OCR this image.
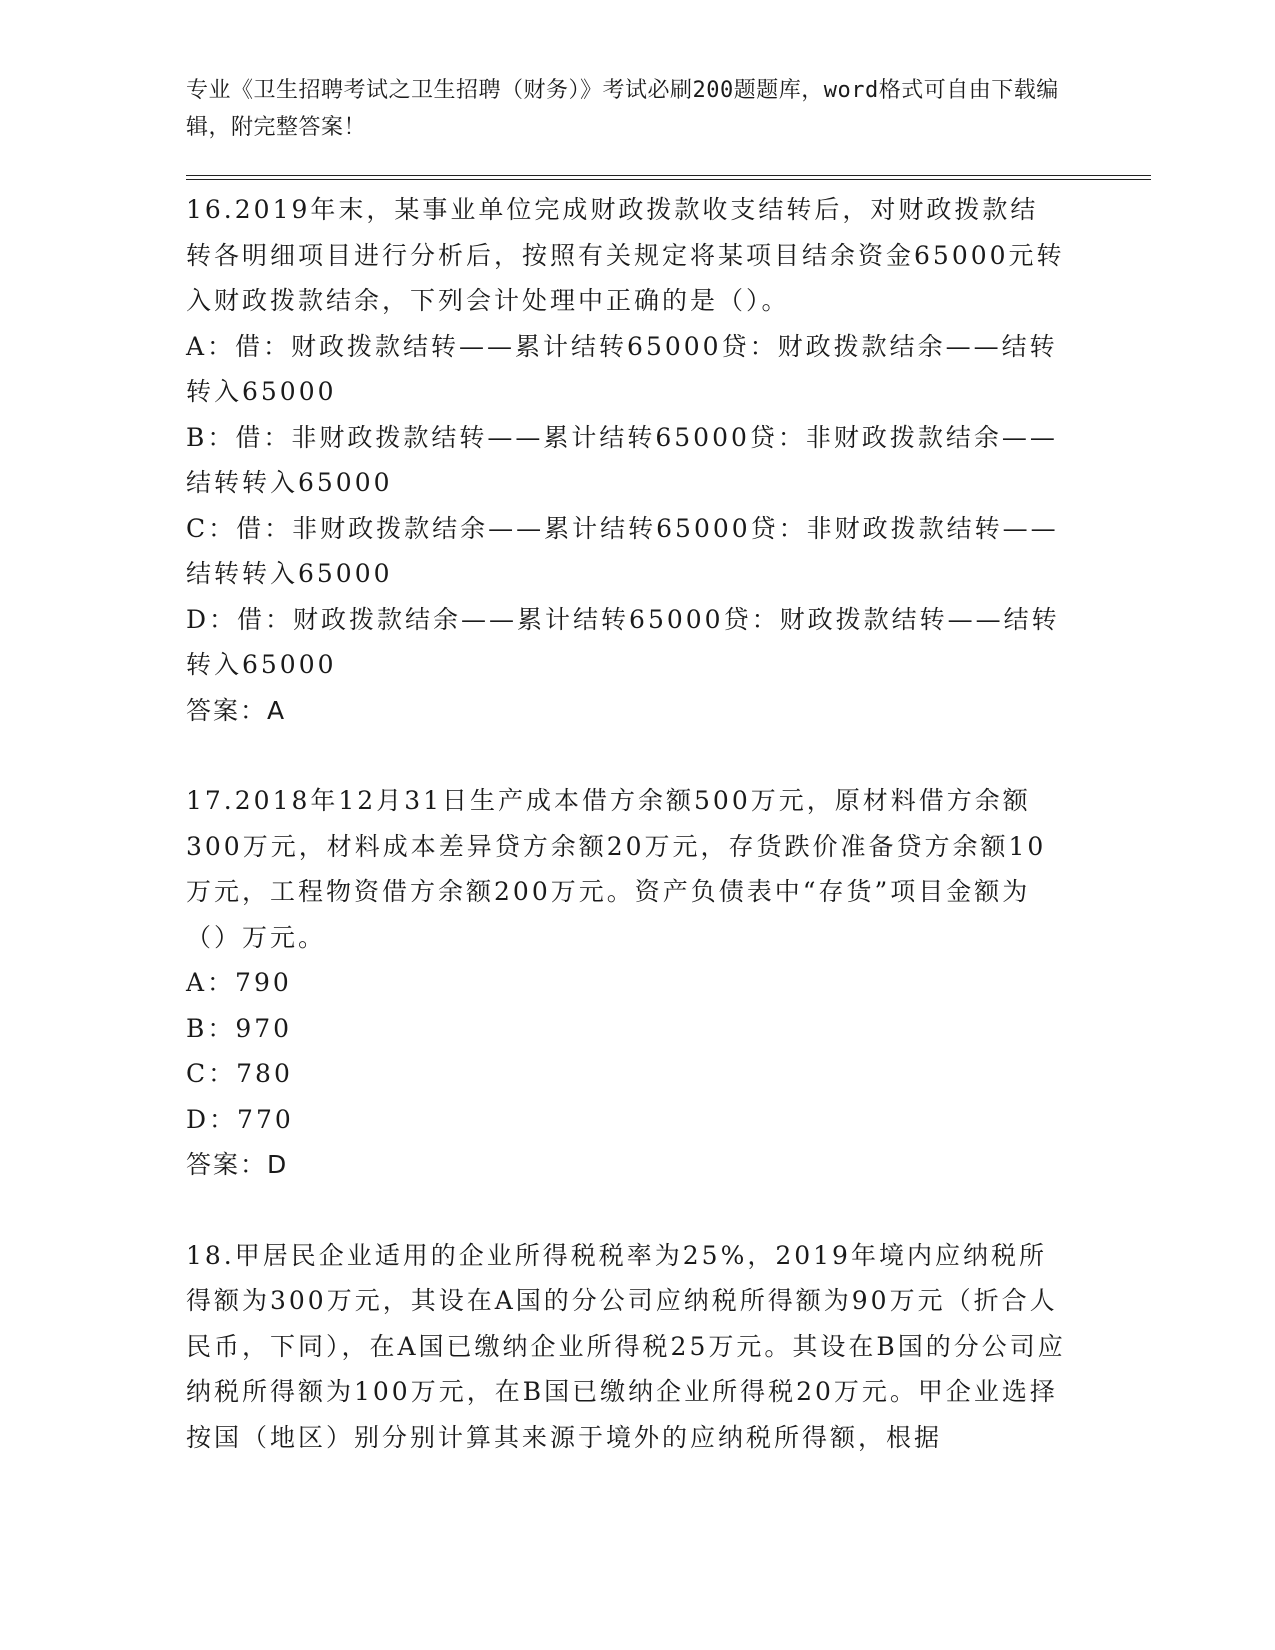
专业《卫生招聘考试之卫生招聘（财务）》考试必刷200题题库，word格式可自由下载编辑，附完整答案！

16.2019年末，某事业单位完成财政拨款收支结转后，对财政拨款结转各明细项目进行分析后，按照有关规定将某项目结余资金65000元转入财政拨款结余，下列会计处理中正确的是（）。

A：借：财政拨款结转——累计结转65000贷：财政拨款结余——结转转入65000

B：借：非财政拨款结转——累计结转65000贷：非财政拨款结余——结转转入65000

C：借：非财政拨款结余——累计结转65000贷：非财政拨款结转——结转转入65000

D：借：财政拨款结余——累计结转65000贷：财政拨款结转——结转转入65000

答案：A

17.2018年12月31日生产成本借方余额500万元，原材料借方余额300万元，材料成本差异贷方余额20万元，存货跌价准备贷方余额10万元，工程物资借方余额200万元。资产负债表中“存货”项目金额为（）万元。

A：790

B：970

C：780

D：770

答案：D

18.甲居民企业适用的企业所得税税率为25%，2019年境内应纳税所得额为300万元，其设在A国的分公司应纳税所得额为90万元（折合人民币，下同），在A国已缴纳企业所得税25万元。其设在B国的分公司应纳税所得额为100万元，在B国已缴纳企业所得税20万元。甲企业选择按国（地区）别分别计算其来源于境外的应纳税所得额，根据
